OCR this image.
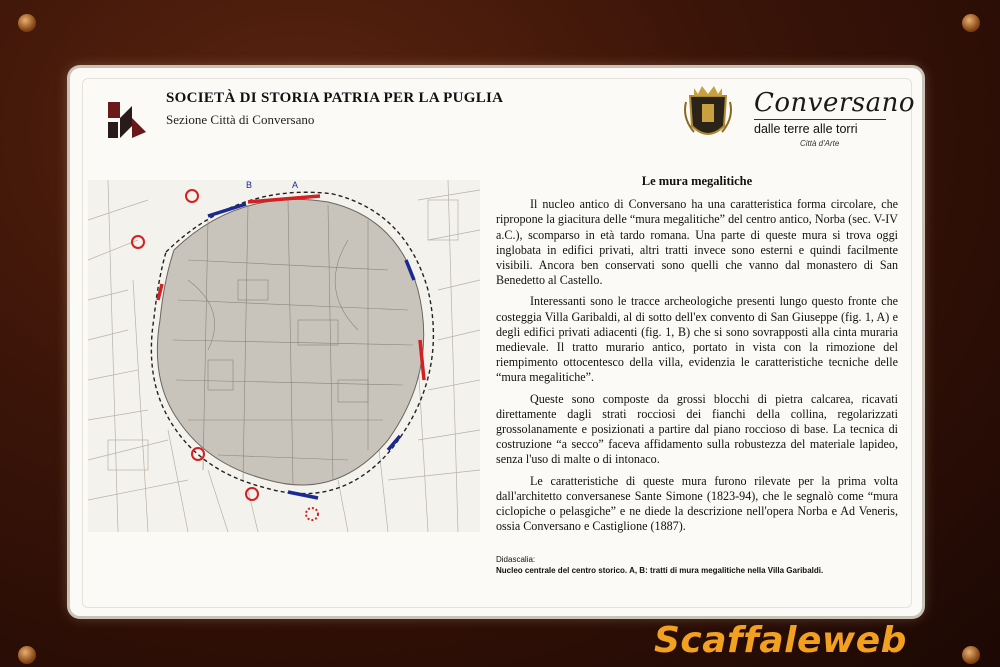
SOCIETÀ DI STORIA PATRIA PER LA PUGLIA
Sezione Città di Conversano
Conversano
dalle terre alle torri
Città d'Arte
B	A	Le mura megalitiche

Il nucleo antico di Conversano ha una caratteristica forma circolare, che ripropone la giacitura delle “mura megalitiche” del centro antico, Norba (sec. V-IV a.C.), scomparso in età tardo romana. Una parte di queste mura si trova oggi inglobata in edifici privati, altri tratti invece sono esterni e quindi facilmente visibili. Ancora ben conservati sono quelli che vanno dal monastero di San Benedetto al Castello.

Interessanti sono le tracce archeologiche presenti lungo questo fronte che costeggia Villa Garibaldi, al di sotto dell'ex convento di San Giuseppe (fig. 1, A) e degli edifici privati adiacenti (fig. 1, B) che si sono sovrapposti alla cinta muraria medievale. Il tratto murario antico, portato in vista con la rimozione del riempimento ottocentesco della villa, evidenzia le caratteristiche tecniche delle “mura megalitiche”.

Queste sono composte da grossi blocchi di pietra calcarea, ricavati direttamente dagli strati rocciosi dei fianchi della collina, regolarizzati grossolanamente e posizionati a partire dal piano roccioso di base. La tecnica di costruzione “a secco” faceva affidamento sulla robustezza del materiale lapideo, senza l'uso di malte o di intonaco.

Le caratteristiche di queste mura furono rilevate per la prima volta dall'architetto conversanese Sante Simone (1823-94), che le segnalò come “mura ciclopiche o pelasgiche” e ne diede la descrizione nell'opera Norba e Ad Veneris, ossia Conversano e Castiglione (1887).

Didascalia:
Nucleo centrale del centro storico. A, B: tratti di mura megalitiche nella Villa Garibaldi.
Scaffaleweb
